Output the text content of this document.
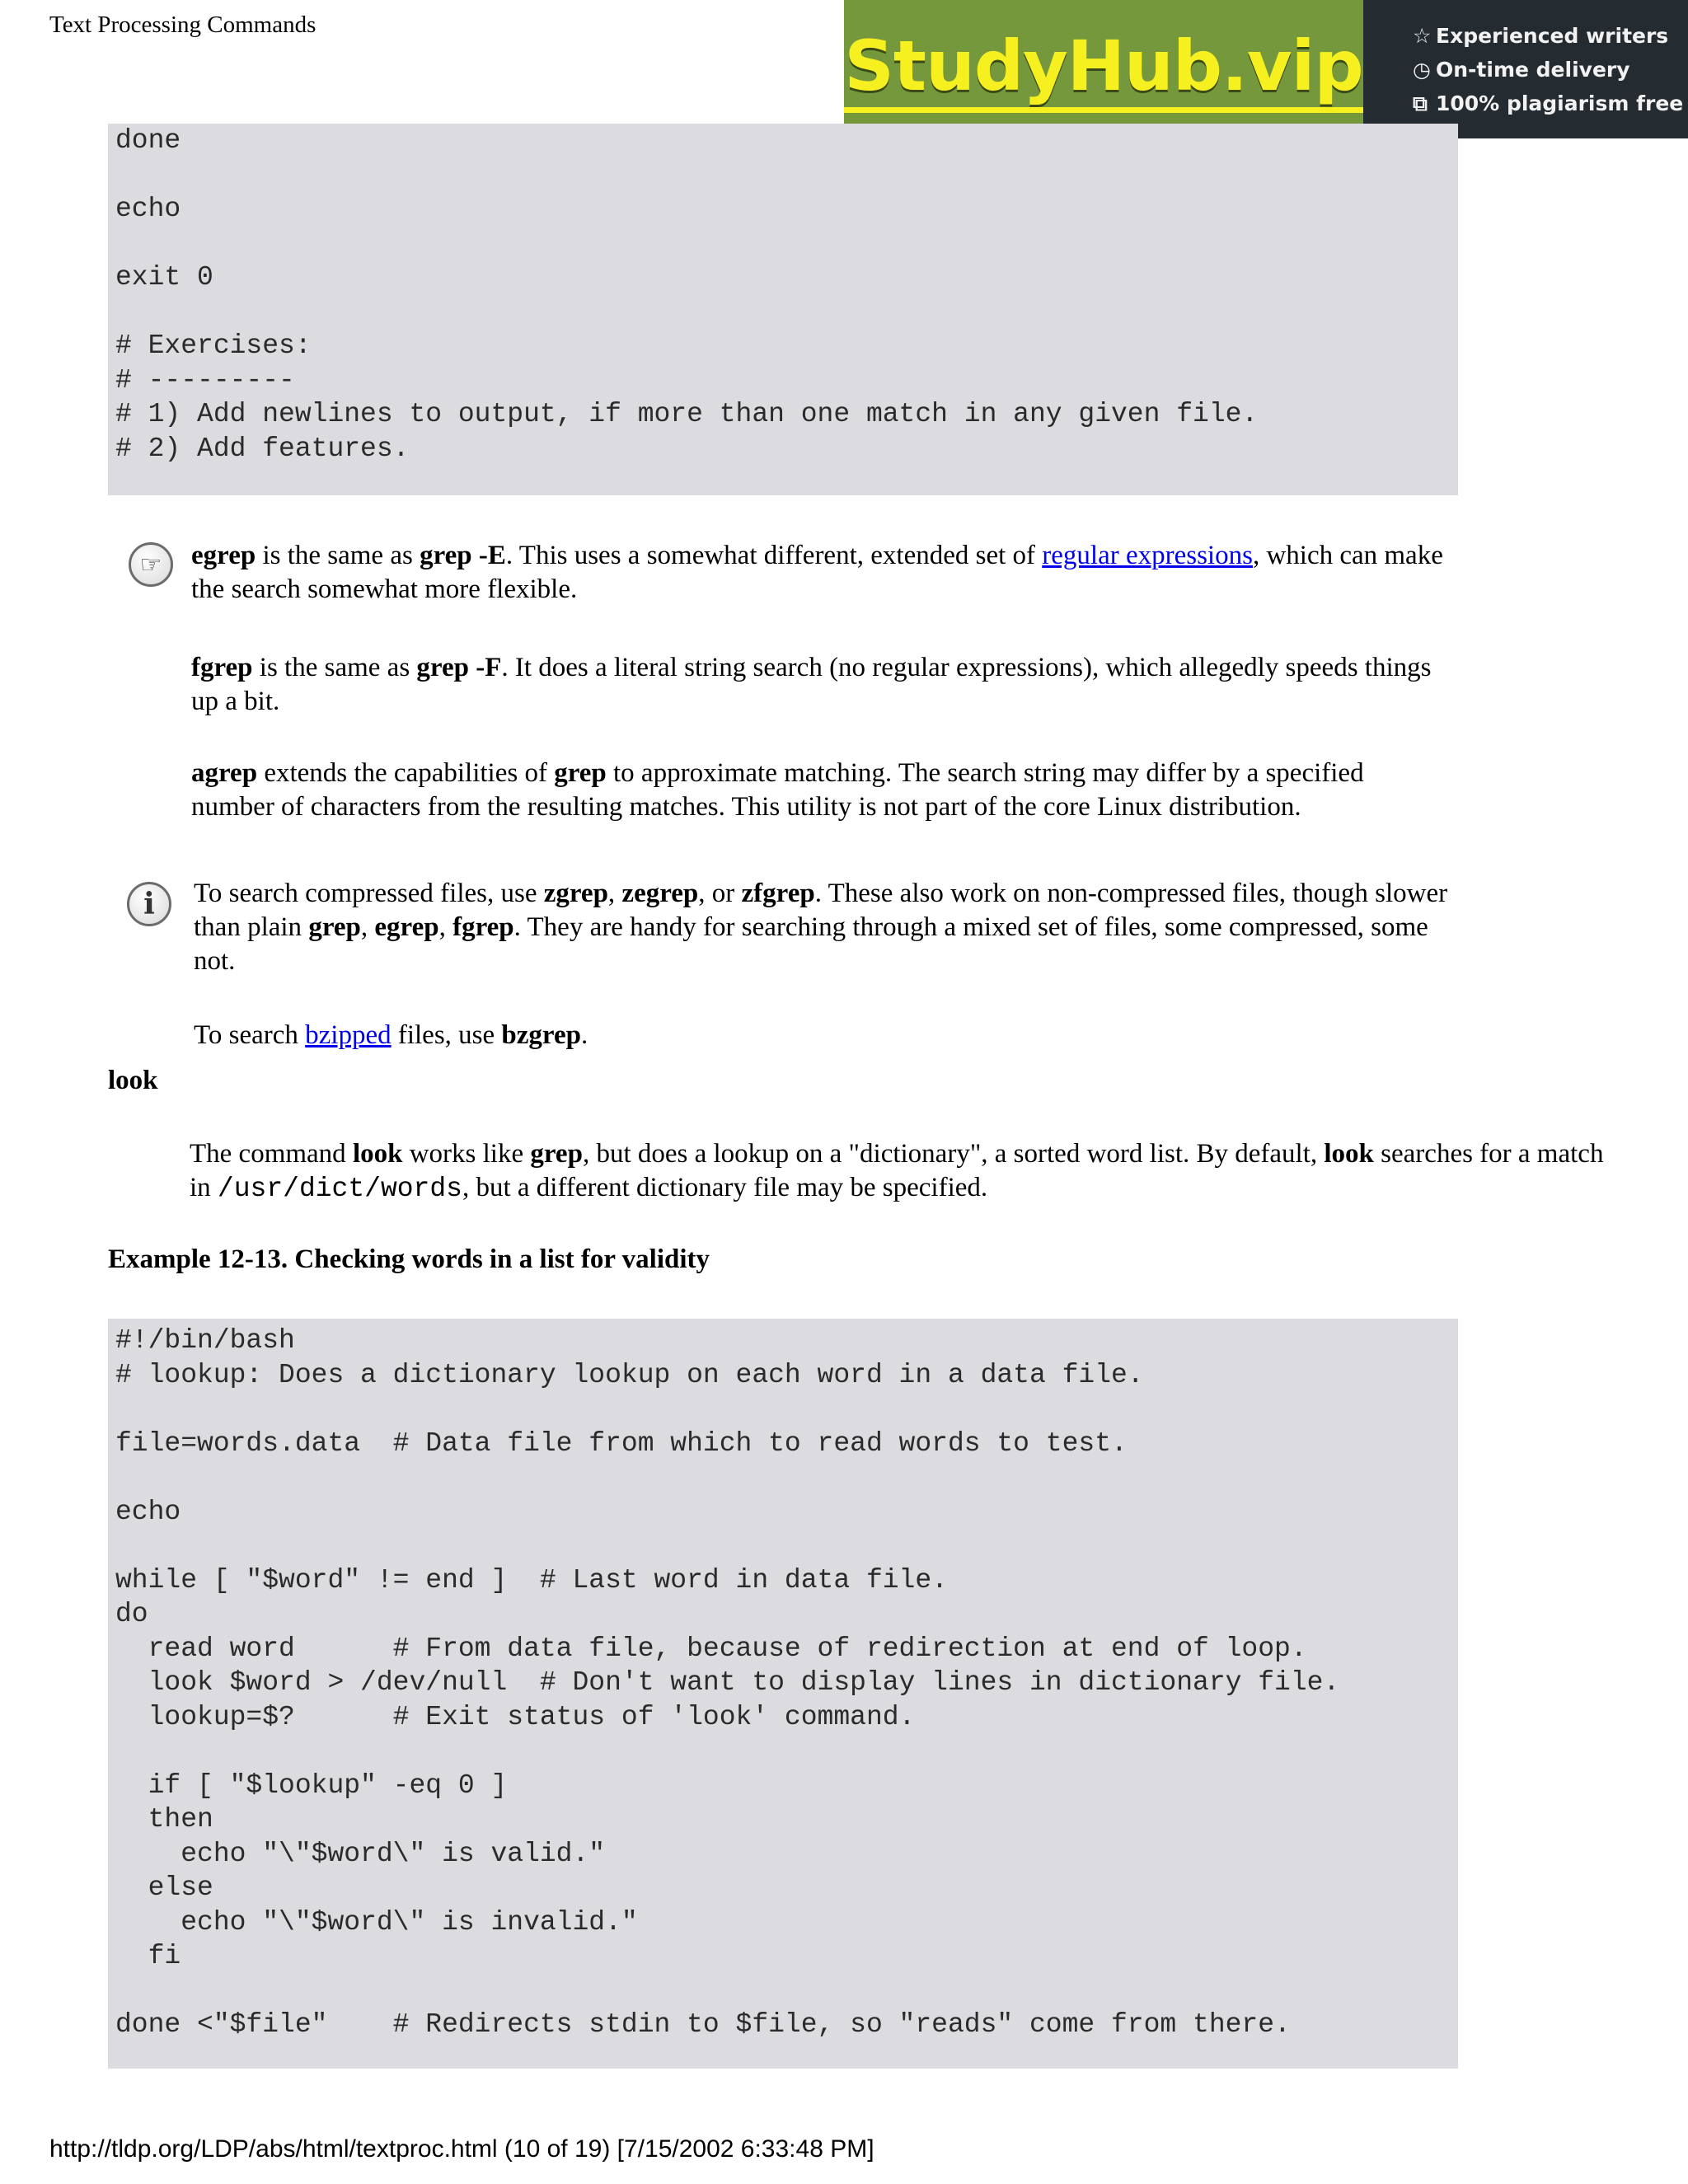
Text Processing Commands
StudyHub.vip ☆ Experienced writers
◷ On-time delivery
⧉ 100% plagiarism free
done

echo

exit 0

# Exercises:
# ---------
# 1) Add newlines to output, if more than one match in any given file.
# 2) Add features.
☞	egrep is the same as grep -E. This uses a somewhat different, extended set of regular expressions, which can make the search somewhat more flexible.
fgrep is the same as grep -F. It does a literal string search (no regular expressions), which allegedly speeds things up a bit.
agrep extends the capabilities of grep to approximate matching. The search string may differ by a specified number of characters from the resulting matches. This utility is not part of the core Linux distribution.
i	To search compressed files, use zgrep, zegrep, or zfgrep. These also work on non-compressed files, though slower than plain grep, egrep, fgrep. They are handy for searching through a mixed set of files, some compressed, some not.
To search bzipped files, use bzgrep.
look
The command look works like grep, but does a lookup on a "dictionary", a sorted word list. By default, look searches for a match in /usr/dict/words, but a different dictionary file may be specified.
Example 12-13. Checking words in a list for validity
#!/bin/bash
# lookup: Does a dictionary lookup on each word in a data file.

file=words.data  # Data file from which to read words to test.

echo

while [ "$word" != end ]  # Last word in data file.
do
read word      # From data file, because of redirection at end of loop.
look $word > /dev/null  # Don't want to display lines in dictionary file.
lookup=$?      # Exit status of 'look' command.

if [ "$lookup" -eq 0 ]
then
echo "\"$word\" is valid."
else
echo "\"$word\" is invalid."
fi

done <"$file"    # Redirects stdin to $file, so "reads" come from there.
http://tldp.org/LDP/abs/html/textproc.html (10 of 19) [7/15/2002 6:33:48 PM]
